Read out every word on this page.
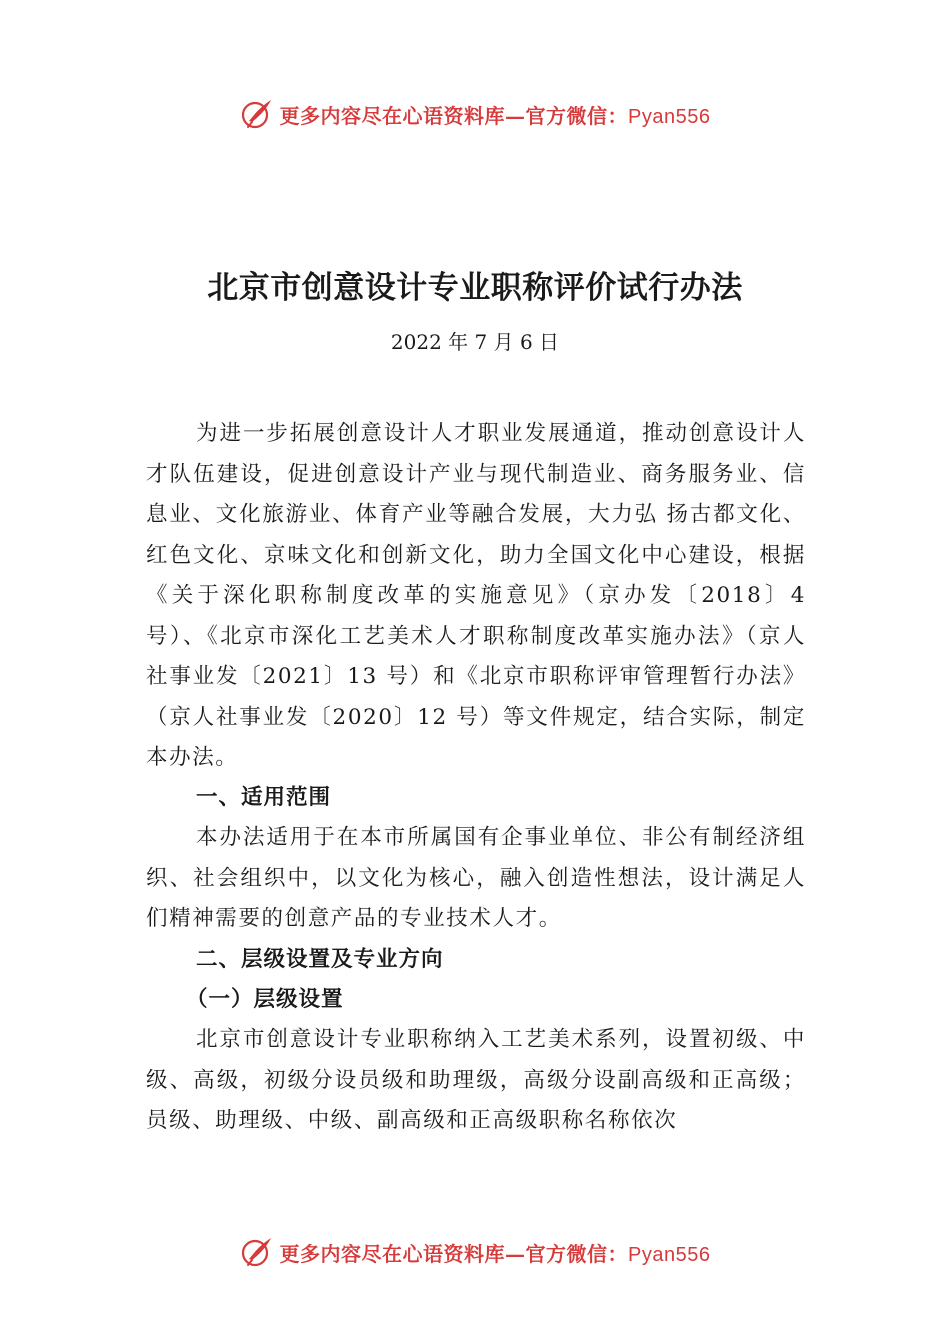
更多内容尽在心语资料库—官方微信：Pyan556
北京市创意设计专业职称评价试行办法

2022 年 7 月 6 日

为进一步拓展创意设计人才职业发展通道，推动创意设计人才队伍建设，促进创意设计产业与现代制造业、商务服务业、信息业、文化旅游业、体育产业等融合发展，大力弘 扬古都文化、红色文化、京味文化和创新文化，助力全国文化中心建设，根据《关于深化职称制度改革的实施意见》（京办发〔2018〕4 号）、《北京市深化工艺美术人才职称制度改革实施办法》（京人社事业发〔2021〕13 号）和《北京市职称评审管理暂行办法》（京人社事业发〔2020〕12 号）等文件规定，结合实际，制定本办法。

一、适用范围

本办法适用于在本市所属国有企事业单位、非公有制经济组织、社会组织中，以文化为核心，融入创造性想法，设计满足人们精神需要的创意产品的专业技术人才。

二、层级设置及专业方向

（一）层级设置

北京市创意设计专业职称纳入工艺美术系列，设置初级、中级、高级，初级分设员级和助理级，高级分设副高级和正高级；员级、助理级、中级、副高级和正高级职称名称依次

更多内容尽在心语资料库—官方微信：Pyan556
